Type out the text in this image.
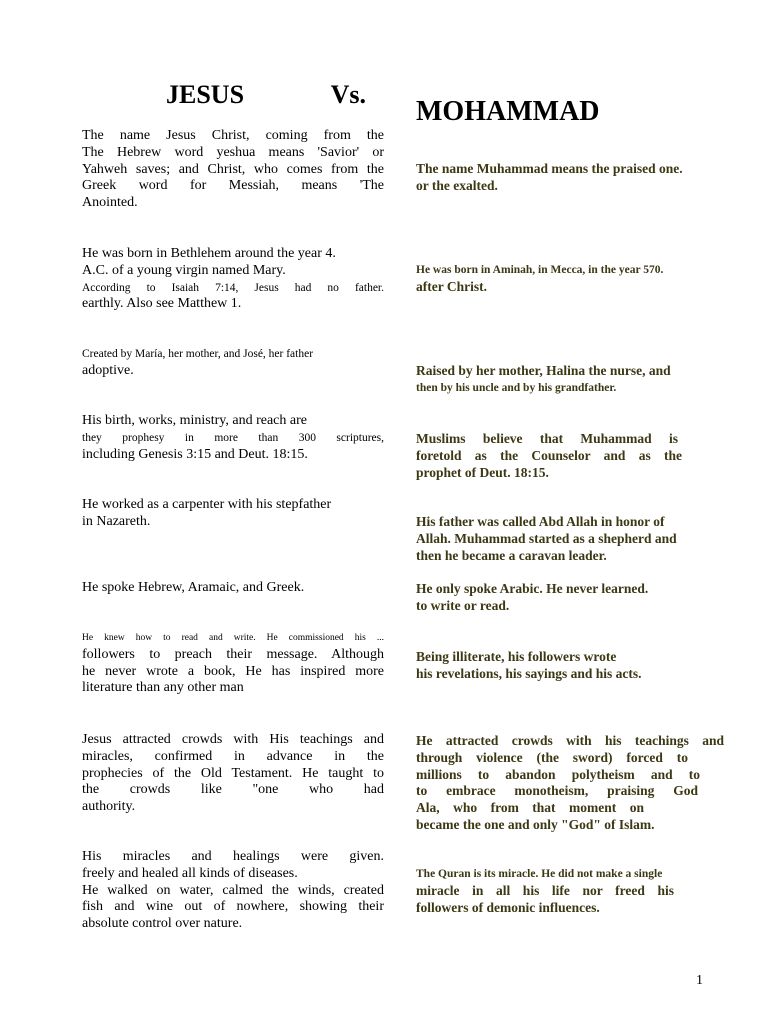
JESUS Vs.
MOHAMMAD
The name Jesus Christ, coming from the
The Hebrew word yeshua means 'Savior' or
Yahweh saves; and Christ, who comes from the
Greek word for Messiah, means 'The
Anointed.
He was born in Bethlehem around the year 4.
A.C. of a young virgin named Mary.
According to Isaiah 7:14, Jesus had no father.
earthly. Also see Matthew 1.
Created by María, her mother, and José, her father
adoptive.
His birth, works, ministry, and reach are
they prophesy in more than 300 scriptures,
including Genesis 3:15 and Deut. 18:15.
He worked as a carpenter with his stepfather
in Nazareth.
He spoke Hebrew, Aramaic, and Greek.
He knew how to read and write. He commissioned his ...
followers to preach their message. Although
he never wrote a book, He has inspired more
literature than any other man
Jesus attracted crowds with His teachings and
miracles, confirmed in advance in the
prophecies of the Old Testament. He taught to
the crowds like "one who had
authority.
His miracles and healings were given.
freely and healed all kinds of diseases.
He walked on water, calmed the winds, created
fish and wine out of nowhere, showing their
absolute control over nature.
The name Muhammad means the praised one.
or the exalted.
He was born in Aminah, in Mecca, in the year 570.
after Christ.
Raised by her mother, Halina the nurse, and
then by his uncle and by his grandfather.
Muslims believe that Muhammad is
foretold as the Counselor and as the
prophet of Deut. 18:15.
His father was called Abd Allah in honor of
Allah. Muhammad started as a shepherd and
then he became a caravan leader.
He only spoke Arabic. He never learned.
to write or read.
Being illiterate, his followers wrote
his revelations, his sayings and his acts.
He attracted crowds with his teachings and
through violence (the sword) forced to
millions to abandon polytheism and to
to embrace monotheism, praising God
Ala, who from that moment on
became the one and only "God" of Islam.
The Quran is its miracle. He did not make a single
miracle in all his life nor freed his
followers of demonic influences.
1
